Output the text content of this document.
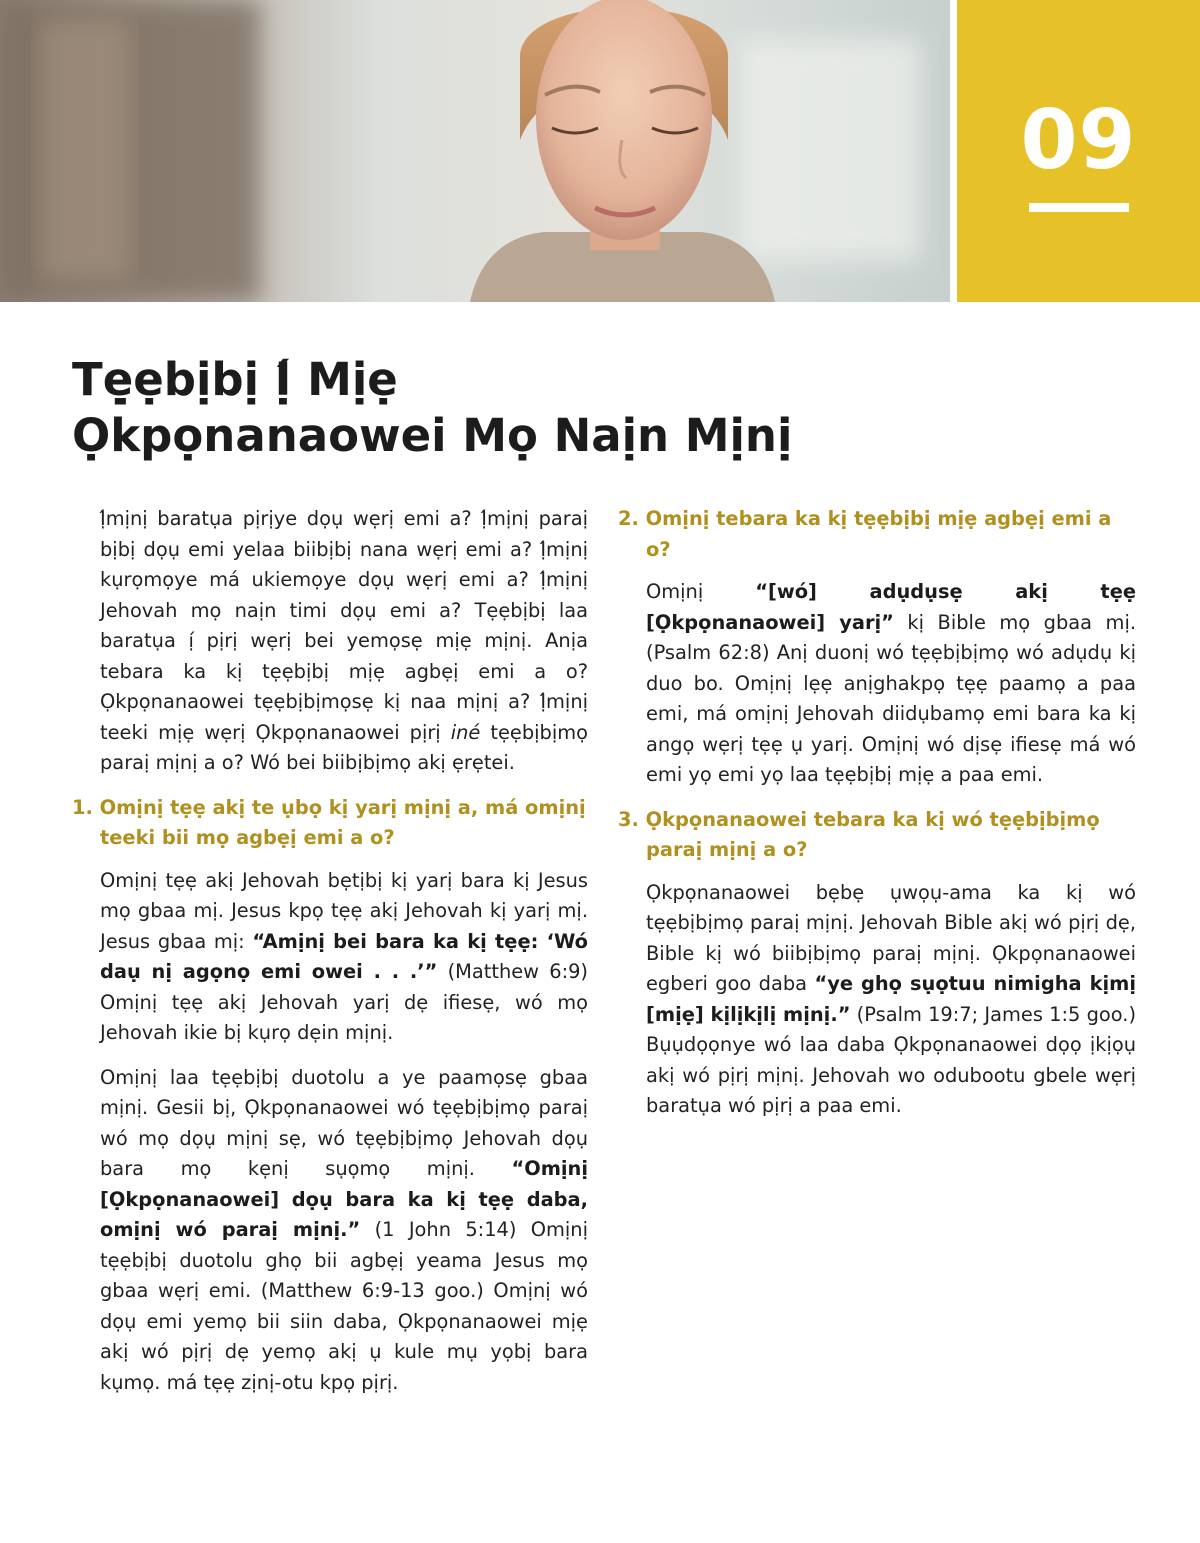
09
Tẹ̣ẹbịbị Ị́ Mịẹ
Ọkpọnanaowei Mọ Naịn Mịnị

Ị́mịnị baratụa pịrịye dọụ wẹrị emi a? Ị́mịnị paraị bịbị dọụ emi yelaa biibịbị nana wẹrị emi a? Ị́mịnị kụrọmọye má ukiemọye dọụ wẹrị emi a? Ị́mịnị Jehovah mọ naịn timi dọụ emi a? Tẹẹbịbị laa baratụa ị́ pịrị wẹrị bei yemọsẹ mịẹ mịnị. Anịa tebara ka kị tẹẹbịbị mịẹ agbẹị emi a o? Ọkpọnanaowei tẹẹbịbịmọsẹ kị naa mịnị a? Ị́mịnị teeki mịẹ wẹrị Ọkpọnanaowei pịrị iné tẹẹbịbịmọ paraị mịnị a o? Wó bei biibịbịmọ akị ẹrẹtei.

1. Omịnị tẹẹ akị te ụbọ kị yarị mịnị a, má omịnị teeki bii mọ agbẹị emi a o?

Omịnị tẹẹ akị Jehovah bẹtịbị kị yarị bara kị Jesus mọ gbaa mị. Jesus kpọ tẹẹ akị Jehovah kị yarị mị. Jesus gbaa mị: “Amịnị bei bara ka kị tẹẹ: ‘Wó daụ nị agọnọ emi owei . . .’” (Matthew 6:9) Omịnị tẹẹ akị Jehovah yarị dẹ ifiesẹ, wó mọ Jehovah ikie bị kụrọ dẹin mịnị.

Omịnị laa tẹẹbịbị duotolu a ye paamọsẹ gbaa mịnị. Gesii bị, Ọkpọnanaowei wó tẹẹbịbịmọ paraị wó mọ dọụ mịnị sẹ, wó tẹẹbịbịmọ Jehovah dọụ bara mọ kẹnị sụọmọ mịnị. “Omịnị [Ọkpọnanaowei] dọụ bara ka kị tẹẹ daba, omịnị wó paraị mịnị.” (1 John 5:14) Omịnị tẹẹbịbị duotolu ghọ bii agbẹị yeama Jesus mọ gbaa wẹrị emi. (Matthew 6:9-13 goo.) Omịnị wó dọụ emi yemọ bii siin daba, Ọkpọnanaowei mịẹ akị wó pịrị dẹ yemọ akị ụ kule mụ yọbị bara kụmọ. má tẹẹ zịnị-otu kpọ pịrị.

2. Omịnị tebara ka kị tẹẹbịbị mịẹ agbẹị emi a o?

Omịnị “[wó] adụdụsẹ akị tẹẹ [Ọkpọnanaowei] yarị” kị Bible mọ gbaa mị. (Psalm 62:8) Anị duonị wó tẹẹbịbịmọ wó adụdụ kị duo bo. Omịnị lẹẹ anịghakpọ tẹẹ paamọ a paa emi, má omịnị Jehovah diidụbamọ emi bara ka kị angọ wẹrị tẹẹ ụ yarị. Omịnị wó dịsẹ ifiesẹ má wó emi yọ emi yọ laa tẹẹbịbị mịẹ a paa emi.

3. Ọkpọnanaowei tebara ka kị wó tẹẹbịbịmọ paraị mịnị a o?

Ọkpọnanaowei bẹbẹ ụwọụ-ama ka kị wó tẹẹbịbịmọ paraị mịnị. Jehovah Bible akị wó pịrị dẹ, Bible kị wó biibịbịmọ paraị mịnị. Ọkpọnanaowei egberi goo daba “ye ghọ sụọtuu nimigha kịmị [mịẹ] kịlịkịlị mịnị.” (Psalm 19:7; James 1:5 goo.) Bụụdọọnye wó laa daba Ọkpọnanaowei dọọ ịkịọụ akị wó pịrị mịnị. Jehovah wo odubootu gbele wẹrị baratụa wó pịrị a paa emi.
